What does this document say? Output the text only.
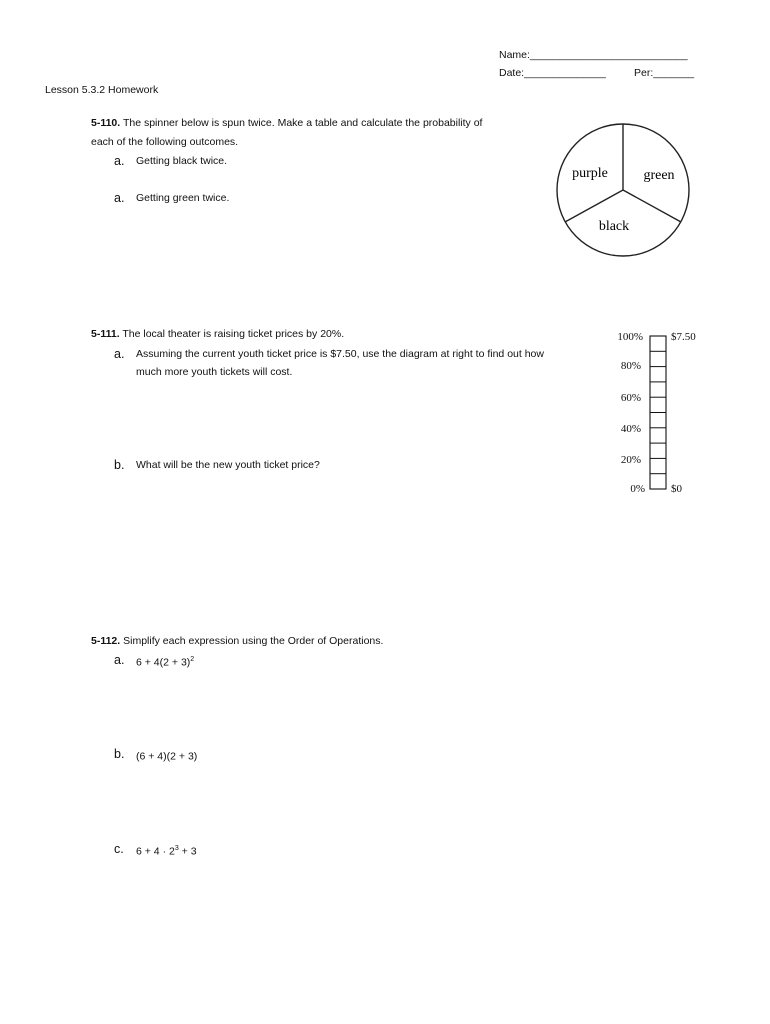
Name:___________________________
Date:______________	Per:_______
Lesson 5.3.2 Homework
5-110. The spinner below is spun twice. Make a table and calculate the probability of
each of the following outcomes.
a. Getting black twice.
a. Getting green twice.
purple	green
black
5-111. The local theater is raising ticket prices by 20%.
a. Assuming the current youth ticket price is $7.50, use the diagram at right to find out how
much more youth tickets will cost.
b. What will be the new youth ticket price?
100%
80%
60%
40%
20%
0%
$7.50
$0
5-112. Simplify each expression using the Order of Operations.
a. $6 + 4(2 + 3)^2$
b. (6 + 4)(2 + 3)
c. $6 + 4 \cdot 2^3 + 3$
